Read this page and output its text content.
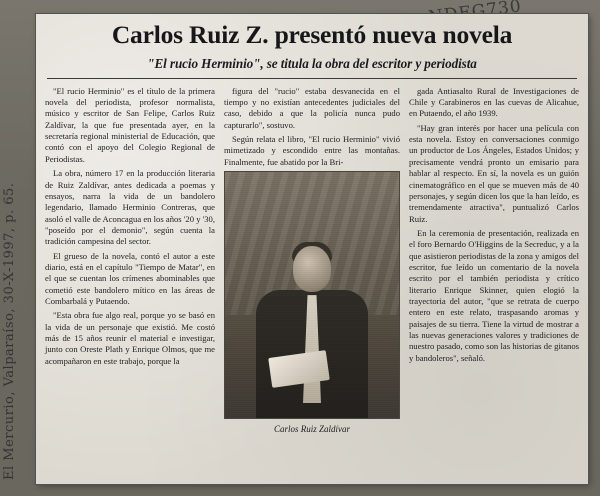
El Mercurio, Valparaíso, 30-X-1997, p. 65.
Carlos Ruiz Z. presentó nueva novela
"El rucio Herminio", se titula la obra del escritor y periodista

"El rucio Herminio" es el título de la primera novela del periodista, profesor normalista, músico y escritor de San Felipe, Carlos Ruiz Zaldívar, la que fue presentada ayer, en la secretaría regional ministerial de Educación, que contó con el apoyo del Colegio Regional de Periodistas.

La obra, número 17 en la producción literaria de Ruiz Zaldívar, antes dedicada a poemas y ensayos, narra la vida de un bandolero legendario, llamado Herminio Contreras, que asoló el valle de Aconcagua en los años '20 y '30, "poseído por el demonio", según cuenta la tradición campesina del sector.

El grueso de la novela, contó el autor a este diario, está en el capítulo "Tiempo de Matar", en el que se cuentan los crímenes abominables que cometió este bandolero mítico en las áreas de Combarbalá y Putaendo.

"Esta obra fue algo real, porque yo se basó en la vida de un personaje que existió. Me costó más de 15 años reunir el material e investigar, junto con Oreste Plath y Enrique Olmos, que me acompañaron en este trabajo, porque la

figura del "rucio" estaba desvanecida en el tiempo y no existían antecedentes judiciales del caso, debido a que la policía nunca pudo capturarlo", sostuvo.

Según relata el libro, "El rucio Herminio" vivió mimetizado y escondido entre las montañas. Finalmente, fue abatido por la Bri-

Carlos Ruiz Zaldívar

gada Antiasalto Rural de Investigaciones de Chile y Carabineros en las cuevas de Alicahue, en Putaendo, el año 1939.

"Hay gran interés por hacer una película con esta novela. Estoy en conversaciones conmigo un productor de Los Ángeles, Estados Unidos; y precisamente vendrá pronto un emisario para hablar al respecto. En sí, la novela es un guión cinematográfico en el que se mueven más de 40 personajes, y según dicen los que la han leído, es tremendamente atractiva", puntualizó Carlos Ruiz.

En la ceremonia de presentación, realizada en el foro Bernardo O'Higgins de la Secreduc, y a la que asistieron periodistas de la zona y amigos del escritor, fue leído un comentario de la novela escrito por el también periodista y crítico literario Enrique Skinner, quien elogió la trayectoria del autor, "que se retrata de cuerpo entero en este relato, traspasando aromas y paisajes de su tierra. Tiene la virtud de mostrar a las nuevas generaciones valores y tradiciones de nuestro pasado, como son las historias de gitanos y bandoleros", señaló.
